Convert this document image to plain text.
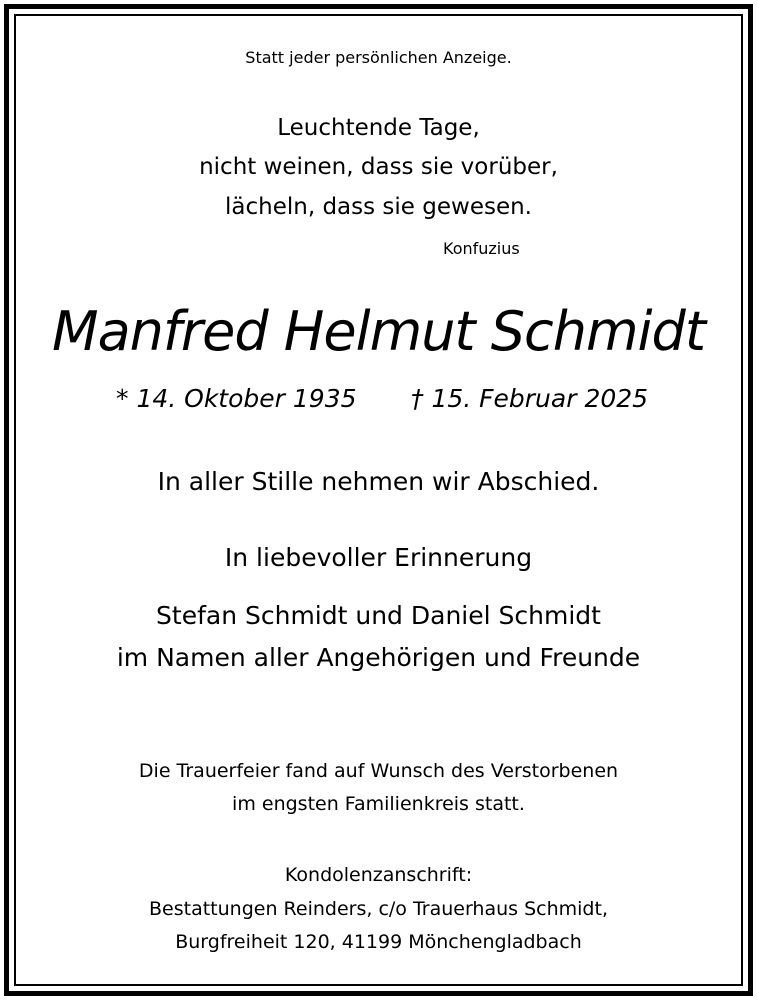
Statt jeder persönlichen Anzeige.
Leuchtende Tage,
nicht weinen, dass sie vorüber,
lächeln, dass sie gewesen.
Konfuzius
Manfred Helmut Schmidt
* 14. Oktober 1935 † 15. Februar 2025
In aller Stille nehmen wir Abschied.
In liebevoller Erinnerung
Stefan Schmidt und Daniel Schmidt
im Namen aller Angehörigen und Freunde
Die Trauerfeier fand auf Wunsch des Verstorbenen
im engsten Familienkreis statt.
Kondolenzanschrift:
Bestattungen Reinders, c/o Trauerhaus Schmidt,
Burgfreiheit 120, 41199 Mönchengladbach
